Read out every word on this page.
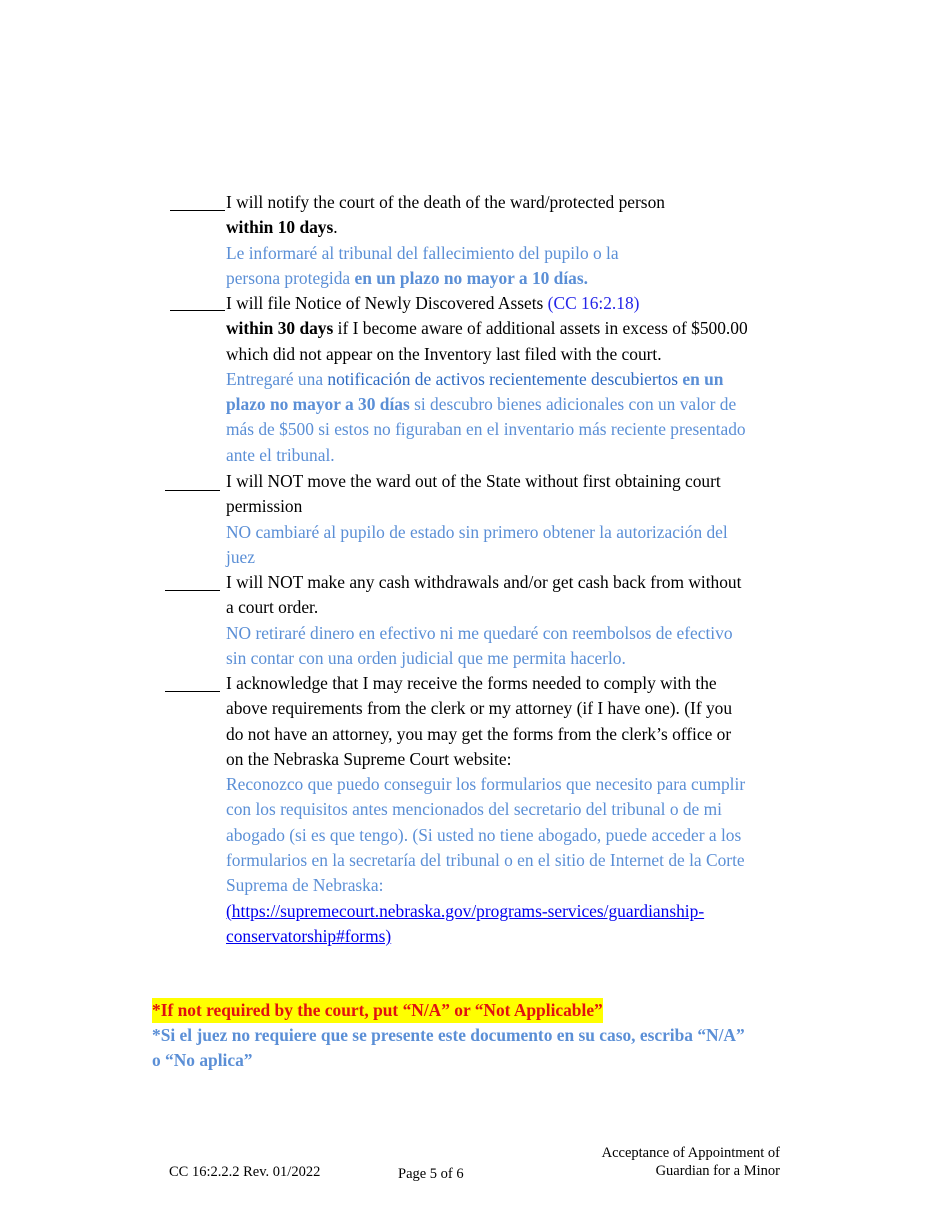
I will notify the court of the death of the ward/protected person
within 10 days.
Le informaré al tribunal del fallecimiento del pupilo o la
persona protegida en un plazo no mayor a 10 días.
I will file Notice of Newly Discovered Assets (CC 16:2.18)
within 30 days if I become aware of additional assets in excess of $500.00
which did not appear on the Inventory last filed with the court.
Entregaré una notificación de activos recientemente descubiertos en un
plazo no mayor a 30 días si descubro bienes adicionales con un valor de
más de $500 si estos no figuraban en el inventario más reciente presentado
ante el tribunal.
I will NOT move the ward out of the State without first obtaining court
permission
NO cambiaré al pupilo de estado sin primero obtener la autorización del
juez
I will NOT make any cash withdrawals and/or get cash back from without
a court order.
NO retiraré dinero en efectivo ni me quedaré con reembolsos de efectivo
sin contar con una orden judicial que me permita hacerlo.
I acknowledge that I may receive the forms needed to comply with the
above requirements from the clerk or my attorney (if I have one). (If you
do not have an attorney, you may get the forms from the clerk’s office or
on the Nebraska Supreme Court website:
Reconozco que puedo conseguir los formularios que necesito para cumplir
con los requisitos antes mencionados del secretario del tribunal o de mi
abogado (si es que tengo). (Si usted no tiene abogado, puede acceder a los
formularios en la secretaría del tribunal o en el sitio de Internet de la Corte
Suprema de Nebraska:
(https://supremecourt.nebraska.gov/programs-services/guardianship-
conservatorship#forms)
*If not required by the court, put “N/A” or “Not Applicable”
*Si el juez no requiere que se presente este documento en su caso, escriba “N/A”
o “No aplica”
CC 16:2.2.2 Rev. 01/2022	Page 5 of 6
Acceptance of Appointment of
Guardian for a Minor
